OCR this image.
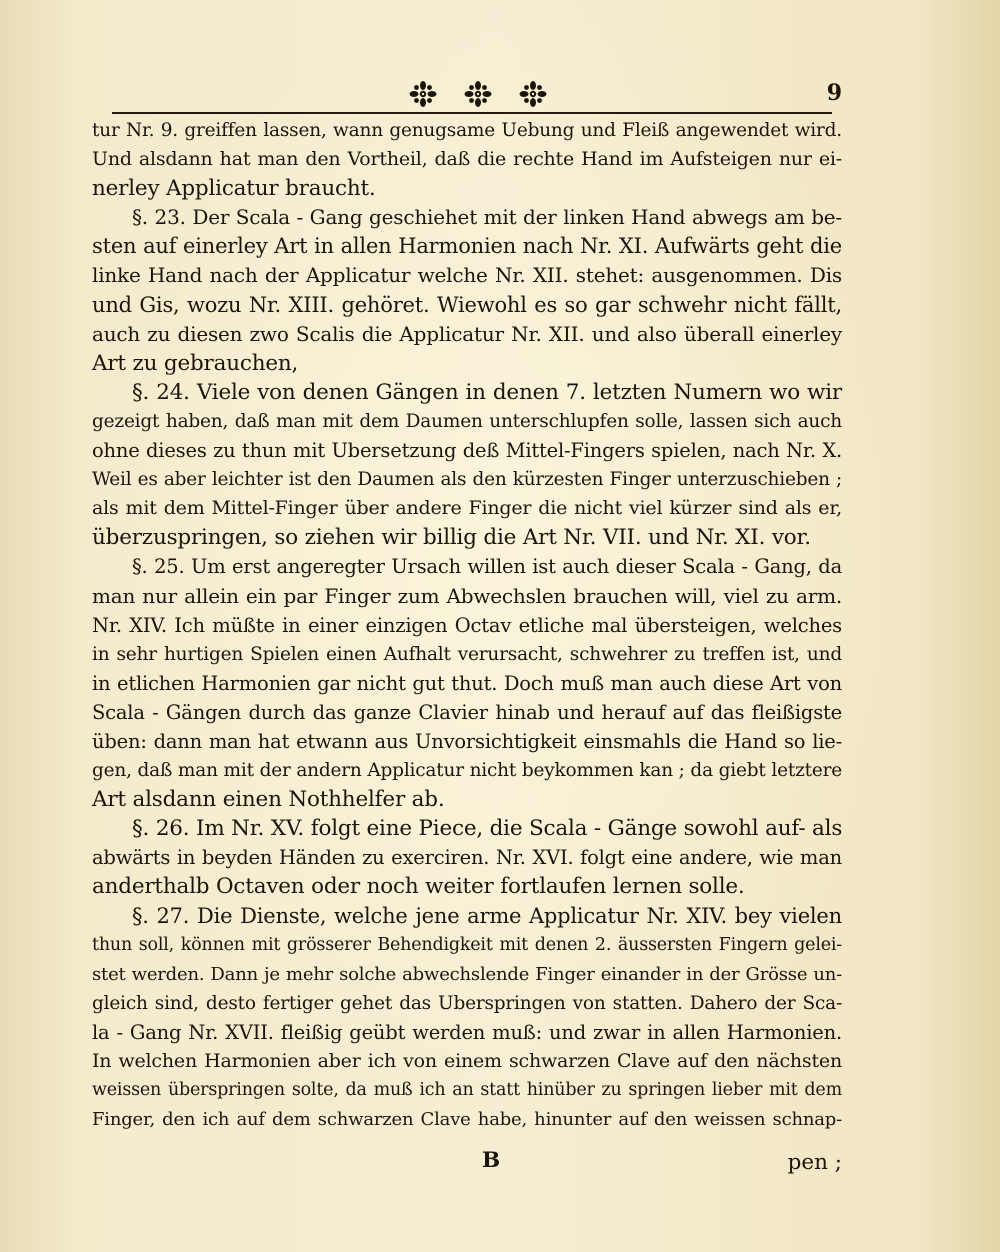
9
tur Nr. 9. greiffen lassen, wann genugsame Uebung und Fleiß angewendet wird.
Und alsdann hat man den Vortheil, daß die rechte Hand im Aufsteigen nur ei-
nerley Applicatur braucht.
§. 23. Der Scala - Gang geschiehet mit der linken Hand abwegs am be-
sten auf einerley Art in allen Harmonien nach Nr. XI. Aufwärts geht die
linke Hand nach der Applicatur welche Nr. XII. stehet: ausgenommen. Dis
und Gis, wozu Nr. XIII. gehöret. Wiewohl es so gar schwehr nicht fällt,
auch zu diesen zwo Scalis die Applicatur Nr. XII. und also überall einerley
Art zu gebrauchen,
§. 24. Viele von denen Gängen in denen 7. letzten Numern wo wir
gezeigt haben, daß man mit dem Daumen unterschlupfen solle, lassen sich auch
ohne dieses zu thun mit Ubersetzung deß Mittel-Fingers spielen, nach Nr. X.
Weil es aber leichter ist den Daumen als den kürzesten Finger unterzuschieben ;
als mit dem Mittel-Finger über andere Finger die nicht viel kürzer sind als er,
überzuspringen, so ziehen wir billig die Art Nr. VII. und Nr. XI. vor.
§. 25. Um erst angeregter Ursach willen ist auch dieser Scala - Gang, da
man nur allein ein par Finger zum Abwechslen brauchen will, viel zu arm.
Nr. XIV. Ich müßte in einer einzigen Octav etliche mal übersteigen, welches
in sehr hurtigen Spielen einen Aufhalt verursacht, schwehrer zu treffen ist, und
in etlichen Harmonien gar nicht gut thut. Doch muß man auch diese Art von
Scala - Gängen durch das ganze Clavier hinab und herauf auf das fleißigste
üben: dann man hat etwann aus Unvorsichtigkeit einsmahls die Hand so lie-
gen, daß man mit der andern Applicatur nicht beykommen kan ; da giebt letztere
Art alsdann einen Nothhelfer ab.
§. 26. Im Nr. XV. folgt eine Piece, die Scala - Gänge sowohl auf- als
abwärts in beyden Händen zu exerciren. Nr. XVI. folgt eine andere, wie man
anderthalb Octaven oder noch weiter fortlaufen lernen solle.
§. 27. Die Dienste, welche jene arme Applicatur Nr. XIV. bey vielen
thun soll, können mit grösserer Behendigkeit mit denen 2. äussersten Fingern gelei-
stet werden. Dann je mehr solche abwechslende Finger einander in der Grösse un-
gleich sind, desto fertiger gehet das Uberspringen von statten. Dahero der Sca-
la - Gang Nr. XVII. fleißig geübt werden muß: und zwar in allen Harmonien.
In welchen Harmonien aber ich von einem schwarzen Clave auf den nächsten
weissen überspringen solte, da muß ich an statt hinüber zu springen lieber mit dem
Finger, den ich auf dem schwarzen Clave habe, hinunter auf den weissen schnap-
B	pen ;
